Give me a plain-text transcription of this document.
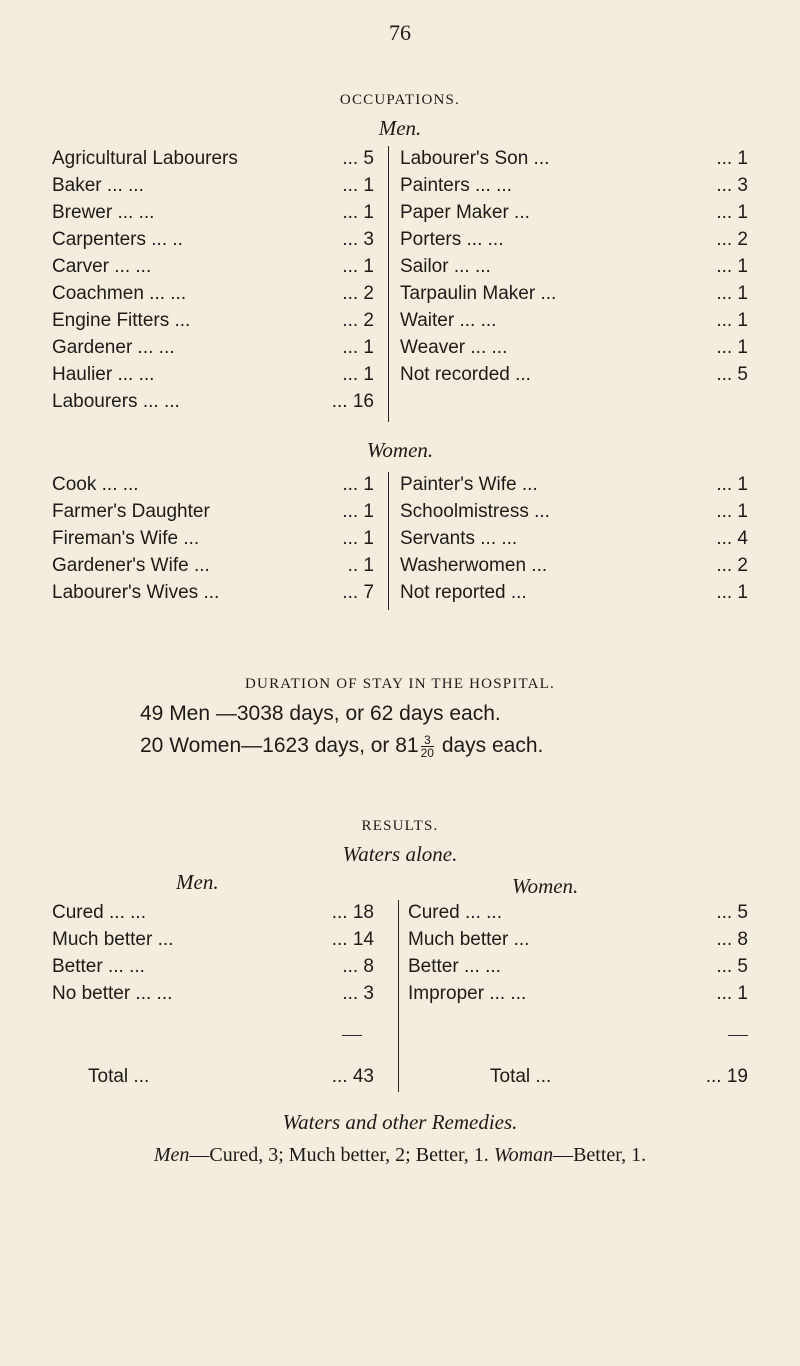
76
OCCUPATIONS.
Men.
Agricultural Labourers	... 5
Baker ... ...	... 1
Brewer ... ...	... 1
Carpenters ... ..	... 3
Carver ... ...	... 1
Coachmen ... ...	... 2
Engine Fitters ...	... 2
Gardener ... ...	... 1
Haulier ... ...	... 1
Labourers ... ...	... 16
Labourer's Son ...	... 1
Painters ... ...	... 3
Paper Maker ...	... 1
Porters ... ...	... 2
Sailor ... ...	... 1
Tarpaulin Maker ...	... 1
Waiter ... ...	... 1
Weaver ... ...	... 1
Not recorded ...	... 5
Women.
Cook ... ...	... 1
Farmer's Daughter	... 1
Fireman's Wife ...	... 1
Gardener's Wife ...	.. 1
Labourer's Wives ...	... 7
Painter's Wife ...	... 1
Schoolmistress ...	... 1
Servants ... ...	... 4
Washerwomen ...	... 2
Not reported ...	... 1
DURATION OF STAY IN THE HOSPITAL.
49 Men —3038 days, or 62 days each.
20 Women—1623 days, or $81 \frac{3}{20}$ days each.
RESULTS.
Waters alone.
Men.	Women.
Cured ... ...	... 18
Much better ...	... 14
Better ... ...	... 8
No better ... ...	... 3
Cured ... ...	... 5
Much better ...	... 8
Better ... ...	... 5
Improper ... ...	... 1
Total ...	... 43	Total ...	... 19
Waters and other Remedies.
Men—Cured, 3; Much better, 2; Better, 1. Woman—Better, 1.
